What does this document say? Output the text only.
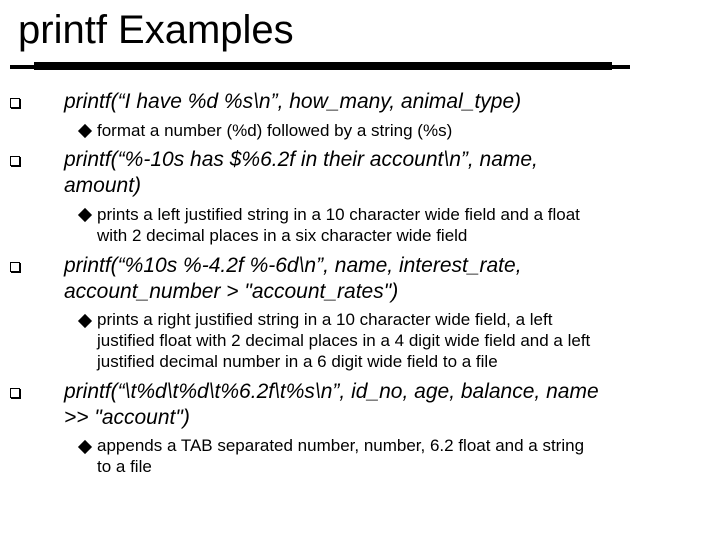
printf Examples
printf(“I have %d %s\n”, how_many, animal_type)
format a number (%d) followed by a string (%s)
printf(“%-10s has $%6.2f in their account\n”, name,
amount)
prints a left justified string in a 10 character wide field and a float
with 2 decimal places in a six character wide field
printf(“%10s %-4.2f %-6d\n”, name, interest_rate,
account_number > "account_rates")
prints a right justified string in a 10 character wide field, a left
justified float with 2 decimal places in a 4 digit wide field and a left
justified decimal number in a 6 digit wide field to a file
printf(“\t%d\t%d\t%6.2f\t%s\n”, id_no, age, balance, name
>> "account")
appends a TAB separated number, number, 6.2 float and a string
to a file
